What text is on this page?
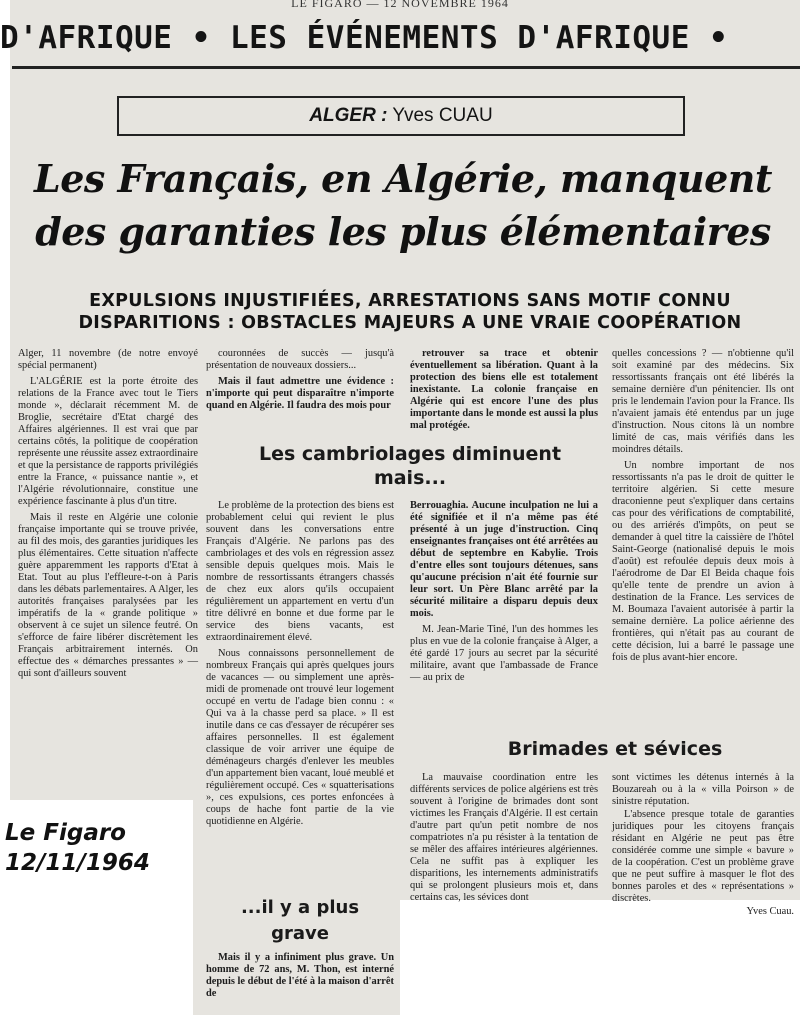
LE FIGARO — 12 NOVEMBRE 1964
D'AFRIQUE • LES ÉVÉNEMENTS D'AFRIQUE •
ALGER : Yves CUAU
Les Français, en Algérie, manquent des garanties les plus élémentaires
EXPULSIONS INJUSTIFIÉES, ARRESTATIONS SANS MOTIF CONNU
DISPARITIONS : OBSTACLES MAJEURS A UNE VRAIE COOPÉRATION

Alger, 11 novembre (de notre envoyé spécial permanent)

L'ALGÉRIE est la porte étroite des relations de la France avec tout le Tiers monde », déclarait récemment M. de Broglie, secrétaire d'Etat chargé des Affaires algériennes. Il est vrai que par certains côtés, la politique de coopération représente une réussite assez extraordinaire et que la persistance de rapports privilégiés entre la France, « puissance nantie », et l'Algérie révolutionnaire, constitue une expérience fascinante à plus d'un titre.

Mais il reste en Algérie une colonie française importante qui se trouve privée, au fil des mois, des garanties juridiques les plus élémentaires. Cette situation n'affecte guère apparemment les rapports d'Etat à Etat. Tout au plus l'effleure-t-on à Paris dans les débats parlementaires. A Alger, les autorités françaises paralysées par les impératifs de la « grande politique » observent à ce sujet un silence feutré. On s'efforce de faire libérer discrètement les Français arbitrairement internés. On effectue des « démarches pressantes » — qui sont d'ailleurs souvent

couronnées de succès — jusqu'à présentation de nouveaux dossiers...

Mais il faut admettre une évidence : n'importe qui peut disparaître n'importe quand en Algérie. Il faudra des mois pour

retrouver sa trace et obtenir éventuellement sa libération. Quant à la protection des biens elle est totalement inexistante. La colonie française en Algérie qui est encore l'une des plus importante dans le monde est aussi la plus mal protégée.

Les cambriolages diminuent mais...

Le problème de la protection des biens est probablement celui qui revient le plus souvent dans les conversations entre Français d'Algérie. Ne parlons pas des cambriolages et des vols en régression assez sensible depuis quelques mois. Mais le nombre de ressortissants étrangers chassés de chez eux alors qu'ils occupaient régulièrement un appartement en vertu d'un titre délivré en bonne et due forme par le service des biens vacants, est extraordinairement élevé.

Nous connaissons personnellement de nombreux Français qui après quelques jours de vacances — ou simplement une après-midi de promenade ont trouvé leur logement occupé en vertu de l'adage bien connu : « Qui va à la chasse perd sa place. » Il est inutile dans ce cas d'essayer de récupérer ses affaires personnelles. Il est également classique de voir arriver une équipe de déménageurs chargés d'enlever les meubles d'un appartement bien vacant, loué meublé et régulièrement occupé. Ces « squatterisations », ces expulsions, ces portes enfoncées à coups de hache font partie de la vie quotidienne en Algérie.

...il y a plus grave

Mais il y a infiniment plus grave. Un homme de 72 ans, M. Thon, est interné depuis le début de l'été à la maison d'arrêt de

Berrouaghia. Aucune inculpation ne lui a été signifiée et il n'a même pas été présenté à un juge d'instruction. Cinq enseignantes françaises ont été arrêtées au début de septembre en Kabylie. Trois d'entre elles sont toujours détenues, sans qu'aucune précision n'ait été fournie sur leur sort. Un Père Blanc arrêté par la sécurité militaire a disparu depuis deux mois.

M. Jean-Marie Tiné, l'un des hommes les plus en vue de la colonie française à Alger, a été gardé 17 jours au secret par la sécurité militaire, avant que l'ambassade de France — au prix de

quelles concessions ? — n'obtienne qu'il soit examiné par des médecins. Six ressortissants français ont été libérés la semaine dernière d'un pénitencier. Ils ont pris le lendemain l'avion pour la France. Ils n'avaient jamais été entendus par un juge d'instruction. Nous citons là un nombre limité de cas, mais vérifiés dans les moindres détails.

Un nombre important de nos ressortissants n'a pas le droit de quitter le territoire algérien. Si cette mesure draconienne peut s'expliquer dans certains cas pour des vérifications de comptabilité, ou des arriérés d'impôts, on peut se demander à quel titre la caissière de l'hôtel Saint-George (nationalisé depuis le mois d'août) est refoulée depuis deux mois à l'aérodrome de Dar El Beida chaque fois qu'elle tente de prendre un avion à destination de la France. Les services de M. Boumaza l'avaient autorisée à partir la semaine dernière. La police aérienne des frontières, qui n'était pas au courant de cette décision, lui a barré le passage une fois de plus avant-hier encore.

Brimades et sévices

La mauvaise coordination entre les différents services de police algériens est très souvent à l'origine de brimades dont sont victimes les Français d'Algérie. Il est certain d'autre part qu'un petit nombre de nos compatriotes n'a pu résister à la tentation de se mêler des affaires intérieures algériennes. Cela ne suffit pas à expliquer les disparitions, les internements administratifs qui se prolongent plusieurs mois et, dans certains cas, les sévices dont

sont victimes les détenus internés à la Bouzareah ou à la « villa Poirson » de sinistre réputation.

L'absence presque totale de garanties juridiques pour les citoyens français résidant en Algérie ne peut pas être considérée comme une simple « bavure » de la coopération. C'est un problème grave que ne peut suffire à masquer le flot des bonnes paroles et des « représentations » discrètes.

Yves Cuau.

Le Figaro
12/11/1964
